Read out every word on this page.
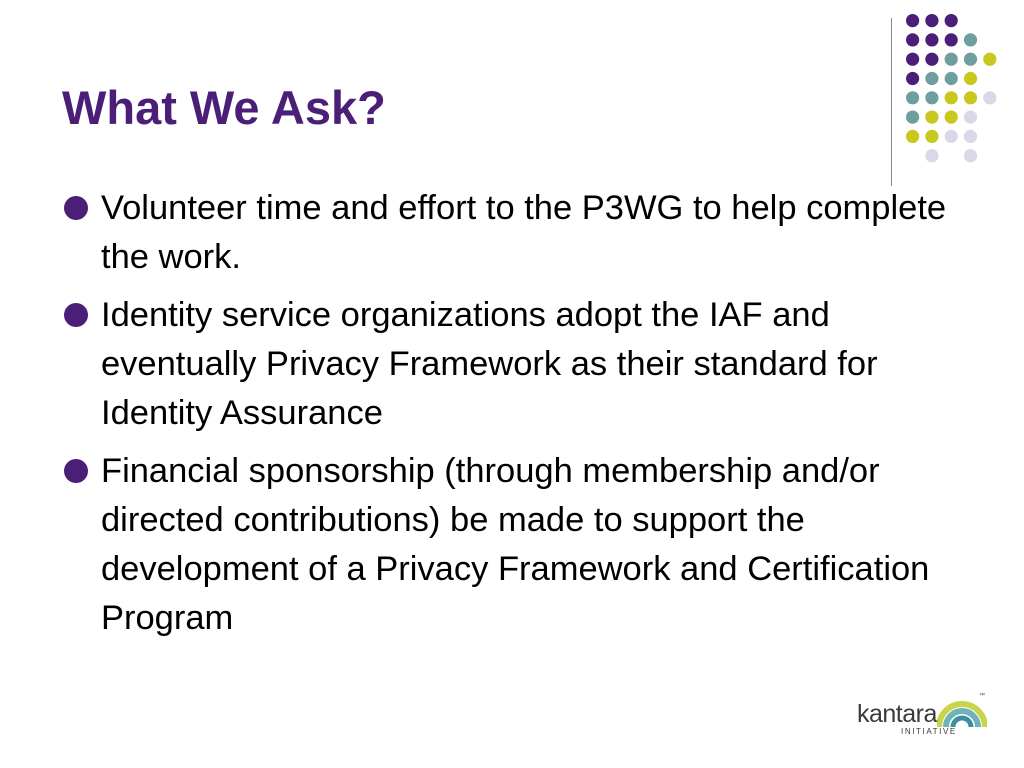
What We Ask?
Volunteer time and effort to the P3WG to help complete the work.
Identity service organizations adopt the IAF and eventually Privacy Framework as their standard for Identity Assurance
Financial sponsorship (through membership and/or directed contributions) be made to support the development of a Privacy Framework and Certification Program
kantara
INITIATIVE
™
